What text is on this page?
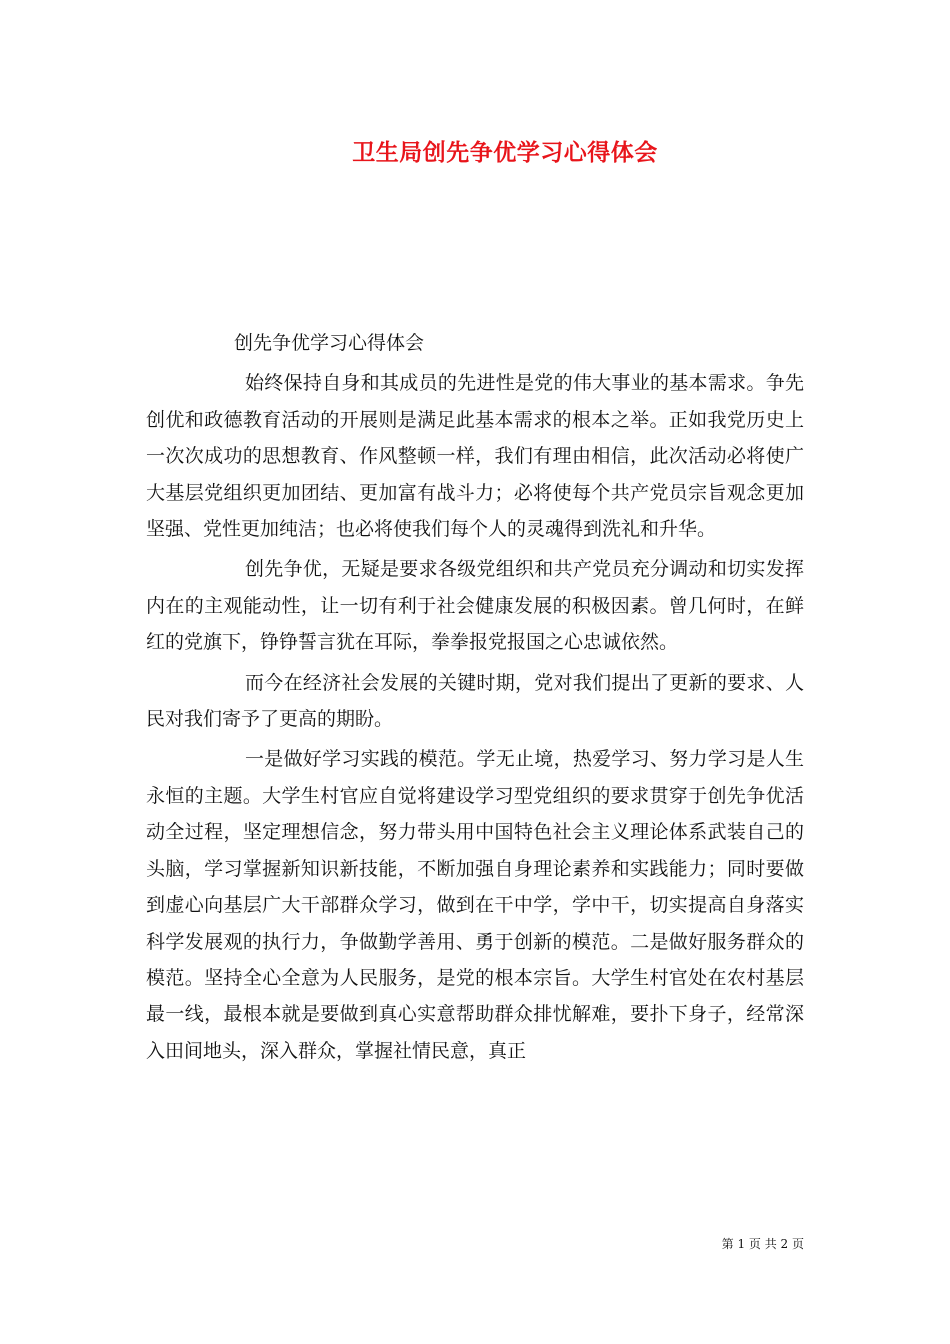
卫生局创先争优学习心得体会

创先争优学习心得体会

始终保持自身和其成员的先进性是党的伟大事业的基本需求。争先创优和政德教育活动的开展则是满足此基本需求的根本之举。正如我党历史上一次次成功的思想教育、作风整顿一样，我们有理由相信，此次活动必将使广大基层党组织更加团结、更加富有战斗力；必将使每个共产党员宗旨观念更加坚强、党性更加纯洁；也必将使我们每个人的灵魂得到洗礼和升华。

创先争优，无疑是要求各级党组织和共产党员充分调动和切实发挥内在的主观能动性，让一切有利于社会健康发展的积极因素。曾几何时，在鲜红的党旗下，铮铮誓言犹在耳际，拳拳报党报国之心忠诚依然。

而今在经济社会发展的关键时期，党对我们提出了更新的要求、人民对我们寄予了更高的期盼。

一是做好学习实践的模范。学无止境，热爱学习、努力学习是人生永恒的主题。大学生村官应自觉将建设学习型党组织的要求贯穿于创先争优活动全过程，坚定理想信念，努力带头用中国特色社会主义理论体系武装自己的头脑，学习掌握新知识新技能，不断加强自身理论素养和实践能力；同时要做到虚心向基层广大干部群众学习，做到在干中学，学中干，切实提高自身落实科学发展观的执行力，争做勤学善用、勇于创新的模范。二是做好服务群众的模范。坚持全心全意为人民服务，是党的根本宗旨。大学生村官处在农村基层最一线，最根本就是要做到真心实意帮助群众排忧解难，要扑下身子，经常深入田间地头，深入群众，掌握社情民意，真正

第 1 页 共 2 页
